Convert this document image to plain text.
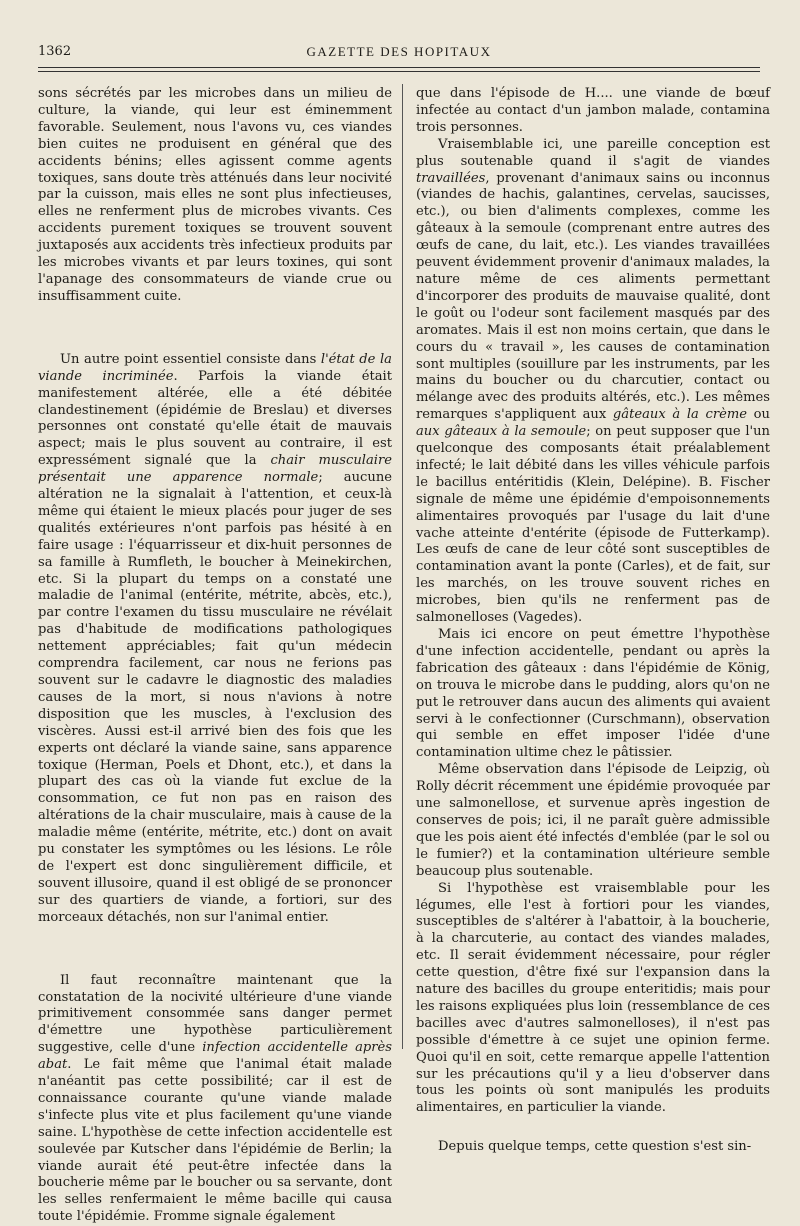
1362	GAZETTE DES HOPITAUX

sons sécrétés par les microbes dans un milieu de culture, la viande, qui leur est éminemment favorable. Seulement, nous l'avons vu, ces viandes bien cuites ne produisent en général que des accidents bénins; elles agissent comme agents toxiques, sans doute très atténués dans leur nocivité par la cuisson, mais elles ne sont plus infectieuses, elles ne renferment plus de microbes vivants. Ces accidents purement toxiques se trouvent souvent juxtaposés aux accidents très infectieux produits par les microbes vivants et par leurs toxines, qui sont l'apanage des consommateurs de viande crue ou insuffisamment cuite.

Un autre point essentiel consiste dans l'état de la viande incriminée. Parfois la viande était manifestement altérée, elle a été débitée clandestinement (épidémie de Breslau) et diverses personnes ont constaté qu'elle était de mauvais aspect; mais le plus souvent au contraire, il est expressément signalé que la chair musculaire présentait une apparence normale; aucune altération ne la signalait à l'attention, et ceux-là même qui étaient le mieux placés pour juger de ses qualités extérieures n'ont parfois pas hésité à en faire usage : l'équarrisseur et dix-huit personnes de sa famille à Rumfleth, le boucher à Meinekirchen, etc. Si la plupart du temps on a constaté une maladie de l'animal (entérite, métrite, abcès, etc.), par contre l'examen du tissu musculaire ne révélait pas d'habitude de modifications pathologiques nettement appréciables; fait qu'un médecin comprendra facilement, car nous ne ferions pas souvent sur le cadavre le diagnostic des maladies causes de la mort, si nous n'avions à notre disposition que les muscles, à l'exclusion des viscères. Aussi est-il arrivé bien des fois que les experts ont déclaré la viande saine, sans apparence toxique (Herman, Poels et Dhont, etc.), et dans la plupart des cas où la viande fut exclue de la consommation, ce fut non pas en raison des altérations de la chair musculaire, mais à cause de la maladie même (entérite, métrite, etc.) dont on avait pu constater les symptômes ou les lésions. Le rôle de l'expert est donc singulièrement difficile, et souvent illusoire, quand il est obligé de se prononcer sur des quartiers de viande, a fortiori, sur des morceaux détachés, non sur l'animal entier.

Il faut reconnaître maintenant que la constatation de la nocivité ultérieure d'une viande primitivement consommée sans danger permet d'émettre une hypothèse particulièrement suggestive, celle d'une infection accidentelle après abat. Le fait même que l'animal était malade n'anéantit pas cette possibilité; car il est de connaissance courante qu'une viande malade s'infecte plus vite et plus facilement qu'une viande saine. L'hypothèse de cette infection accidentelle est soulevée par Kutscher dans l'épidémie de Berlin; la viande aurait été peut-être infectée dans la boucherie même par le boucher ou sa servante, dont les selles renfermaient le même bacille qui causa toute l'épidémie. Fromme signale également

que dans l'épisode de H.... une viande de bœuf infectée au contact d'un jambon malade, contamina trois personnes.

Vraisemblable ici, une pareille conception est plus soutenable quand il s'agit de viandes travaillées, provenant d'animaux sains ou inconnus (viandes de hachis, galantines, cervelas, saucisses, etc.), ou bien d'aliments complexes, comme les gâteaux à la semoule (comprenant entre autres des œufs de cane, du lait, etc.). Les viandes travaillées peuvent évidemment provenir d'animaux malades, la nature même de ces aliments permettant d'incorporer des produits de mauvaise qualité, dont le goût ou l'odeur sont facilement masqués par des aromates. Mais il est non moins certain, que dans le cours du « travail », les causes de contamination sont multiples (souillure par les instruments, par les mains du boucher ou du charcutier, contact ou mélange avec des produits altérés, etc.). Les mêmes remarques s'appliquent aux gâteaux à la crème ou aux gâteaux à la semoule; on peut supposer que l'un quelconque des composants était préalablement infecté; le lait débité dans les villes véhicule parfois le bacillus entéritidis (Klein, Delépine). B. Fischer signale de même une épidémie d'empoisonnements alimentaires provoqués par l'usage du lait d'une vache atteinte d'entérite (épisode de Futterkamp). Les œufs de cane de leur côté sont susceptibles de contamination avant la ponte (Carles), et de fait, sur les marchés, on les trouve souvent riches en microbes, bien qu'ils ne renferment pas de salmonelloses (Vagedes).

Mais ici encore on peut émettre l'hypothèse d'une infection accidentelle, pendant ou après la fabrication des gâteaux : dans l'épidémie de König, on trouva le microbe dans le pudding, alors qu'on ne put le retrouver dans aucun des aliments qui avaient servi à le confectionner (Curschmann), observation qui semble en effet imposer l'idée d'une contamination ultime chez le pâtissier.

Même observation dans l'épisode de Leipzig, où Rolly décrit récemment une épidémie provoquée par une salmonellose, et survenue après ingestion de conserves de pois; ici, il ne paraît guère admissible que les pois aient été infectés d'emblée (par le sol ou le fumier?) et la contamination ultérieure semble beaucoup plus soutenable.

Si l'hypothèse est vraisemblable pour les légumes, elle l'est à fortiori pour les viandes, susceptibles de s'altérer à l'abattoir, à la boucherie, à la charcuterie, au contact des viandes malades, etc. Il serait évidemment nécessaire, pour régler cette question, d'être fixé sur l'expansion dans la nature des bacilles du groupe enteritidis; mais pour les raisons expliquées plus loin (ressemblance de ces bacilles avec d'autres salmonelloses), il n'est pas possible d'émettre à ce sujet une opinion ferme. Quoi qu'il en soit, cette remarque appelle l'attention sur les précautions qu'il y a lieu d'observer dans tous les points où sont manipulés les produits alimentaires, en particulier la viande.

Depuis quelque temps, cette question s'est sin-
